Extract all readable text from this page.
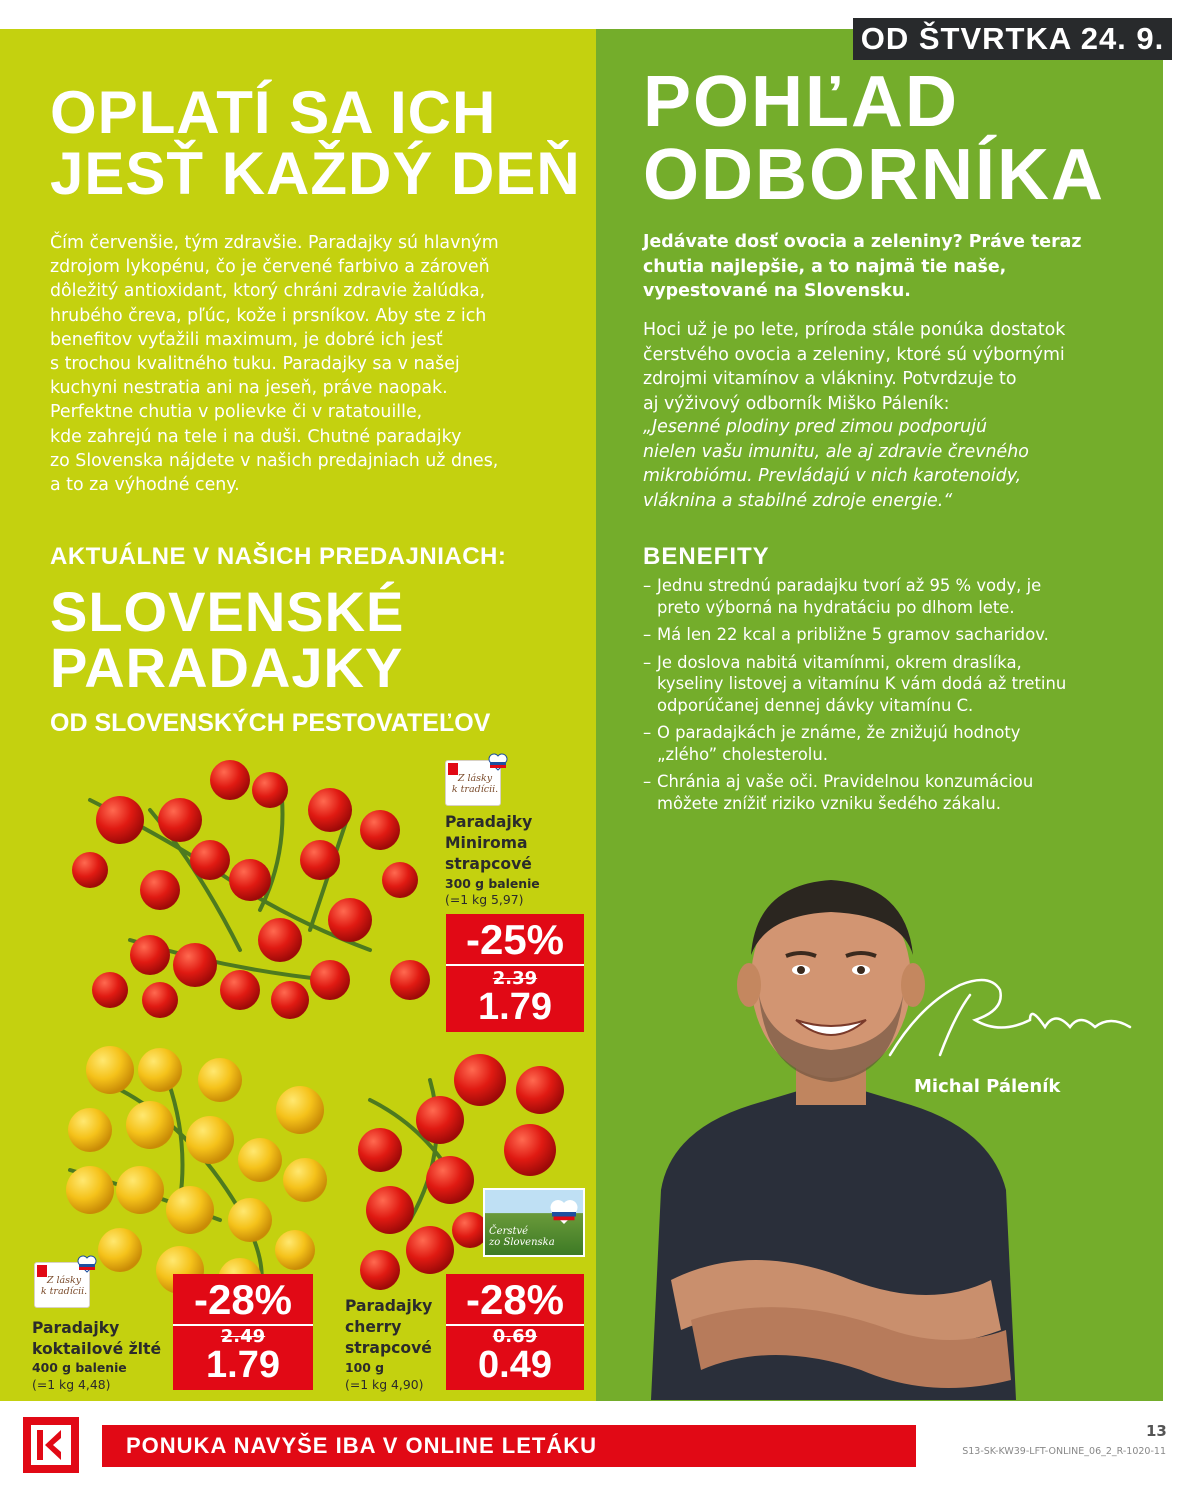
OD ŠTVRTKA 24. 9.
OPLATÍ SA ICH
JESŤ KAŽDÝ DEŇ
Čím červenšie, tým zdravšie. Paradajky sú hlavným
zdrojom lykopénu, čo je červené farbivo a zároveň
dôležitý antioxidant, ktorý chráni zdravie žalúdka,
hrubého čreva, pľúc, kože i prsníkov. Aby ste z ich
benefitov vyťažili maximum, je dobré ich jesť
s trochou kvalitného tuku. Paradajky sa v našej
kuchyni nestratia ani na jeseň, práve naopak.
Perfektne chutia v polievke či v ratatouille,
kde zahrejú na tele i na duši. Chutné paradajky
zo Slovenska nájdete v našich predajniach už dnes,
a to za výhodné ceny.
AKTUÁLNE V NAŠICH PREDAJNIACH:
SLOVENSKÉ
PARADAJKY
OD SLOVENSKÝCH PESTOVATEĽOV
Z lásky
k tradícii.
Paradajky
Miniroma
strapcové
300 g balenie
(=1 kg 5,97)
-25%
2.39
1.79
Z lásky
k tradícii.
Paradajky
koktailové žlté
400 g balenie
(=1 kg 4,48)
-28%
2.49
1.79
Čerstvé
zo Slovenska
Paradajky
cherry
strapcové
100 g
(=1 kg 4,90)
-28%
0.69
0.49
POHĽAD
ODBORNÍKA
Jedávate dosť ovocia a zeleniny? Práve teraz
chutia najlepšie, a to najmä tie naše,
vypestované na Slovensku.
Hoci už je po lete, príroda stále ponúka dostatok
čerstvého ovocia a zeleniny, ktoré sú výbornými
zdrojmi vitamínov a vlákniny. Potvrdzuje to
aj výživový odborník Miško Páleník:
„Jesenné plodiny pred zimou podporujú
nielen vašu imunitu, ale aj zdravie črevného
mikrobiómu. Prevládajú v nich karotenoidy,
vláknina a stabilné zdroje energie.“
BENEFITY
– Jednu strednú paradajku tvorí až 95 % vody, je
preto výborná na hydratáciu po dlhom lete.
– Má len 22 kcal a približne 5 gramov sacharidov.
– Je doslova nabitá vitamínmi, okrem draslíka,
kyseliny listovej a vitamínu K vám dodá až tretinu
odporúčanej dennej dávky vitamínu C.
– O paradajkách je známe, že znižujú hodnoty
„zlého” cholesterolu.
– Chránia aj vaše oči. Pravidelnou konzumáciou
môžete znížiť riziko vzniku šedého zákalu.
Michal Páleník
PONUKA NAVYŠE IBA V ONLINE LETÁKU
13
S13-SK-KW39-LFT-ONLINE_06_2_R-1020-11
